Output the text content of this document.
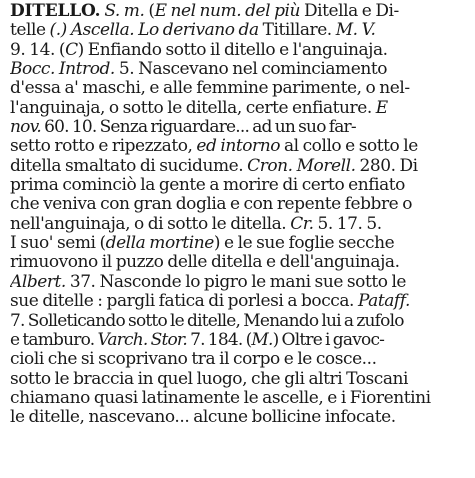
DITELLO. S. m. (E nel num. del più Ditella e Di-
telle (.) Ascella. Lo derivano da Titillare. M. V.
9. 14. (C) Enfiando sotto il ditello e l'anguinaja.
Bocc. Introd. 5. Nascevano nel cominciamento
d'essa a' maschi, e alle femmine parimente, o nel-
l'anguinaja, o sotto le ditella, certe enfiature. E
nov. 60. 10. Senza riguardare... ad un suo far-
setto rotto e ripezzato, ed intorno al collo e sotto le
ditella smaltato di sucidume. Cron. Morell. 280. Di
prima cominciò la gente a morire di certo enfiato
che veniva con gran doglia e con repente febbre o
nell'anguinaja, o di sotto le ditella. Cr. 5. 17. 5.
I suo' semi (della mortine) e le sue foglie secche
rimuovono il puzzo delle ditella e dell'anguinaja.
Albert. 37. Nasconde lo pigro le mani sue sotto le
sue ditelle : pargli fatica di porlesi a bocca. Pataff.
7. Solleticando sotto le ditelle, Menando lui a zufolo
e tamburo. Varch. Stor. 7. 184. (M.) Oltre i gavoc-
cioli che si scoprivano tra il corpo e le cosce...
sotto le braccia in quel luogo, che gli altri Toscani
chiamano quasi latinamente le ascelle, e i Fiorentini
le ditelle, nascevano... alcune bollicine infocate.
